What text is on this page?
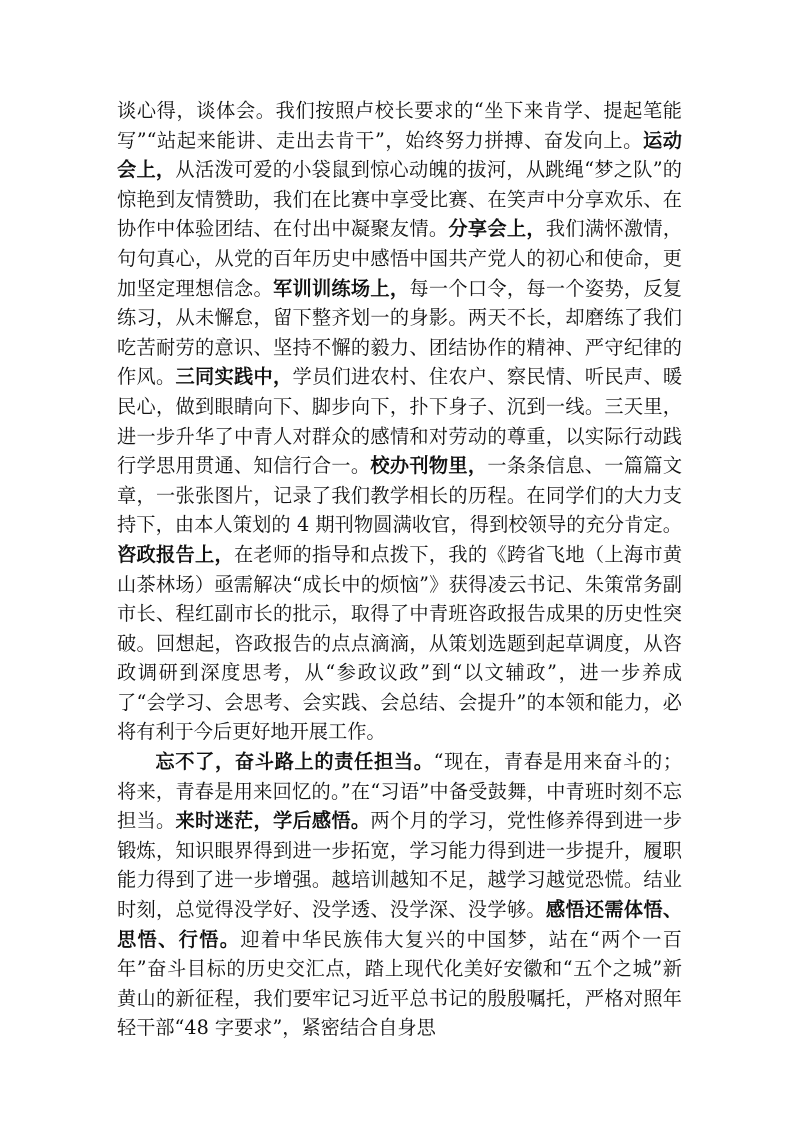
谈心得，谈体会。我们按照卢校长要求的“坐下来肯学、提起笔能写”“站起来能讲、走出去肯干”，始终努力拼搏、奋发向上。运动会上，从活泼可爱的小袋鼠到惊心动魄的拔河，从跳绳“梦之队”的惊艳到友情赞助，我们在比赛中享受比赛、在笑声中分享欢乐、在协作中体验团结、在付出中凝聚友情。分享会上，我们满怀激情，句句真心，从党的百年历史中感悟中国共产党人的初心和使命，更加坚定理想信念。军训训练场上，每一个口令，每一个姿势，反复练习，从未懈怠，留下整齐划一的身影。两天不长，却磨练了我们吃苦耐劳的意识、坚持不懈的毅力、团结协作的精神、严守纪律的作风。三同实践中，学员们进农村、住农户、察民情、听民声、暖民心，做到眼睛向下、脚步向下，扑下身子、沉到一线。三天里，进一步升华了中青人对群众的感情和对劳动的尊重，以实际行动践行学思用贯通、知信行合一。校办刊物里，一条条信息、一篇篇文章，一张张图片，记录了我们教学相长的历程。在同学们的大力支持下，由本人策划的 4 期刊物圆满收官，得到校领导的充分肯定。咨政报告上，在老师的指导和点拨下，我的《跨省飞地（上海市黄山茶林场）亟需解决“成长中的烦恼”》获得凌云书记、朱策常务副市长、程红副市长的批示，取得了中青班咨政报告成果的历史性突破。回想起，咨政报告的点点滴滴，从策划选题到起草调度，从咨政调研到深度思考，从“参政议政”到“以文辅政”，进一步养成了“会学习、会思考、会实践、会总结、会提升”的本领和能力，必将有利于今后更好地开展工作。

忘不了，奋斗路上的责任担当。“现在，青春是用来奋斗的；将来，青春是用来回忆的。”在“习语”中备受鼓舞，中青班时刻不忘担当。来时迷茫，学后感悟。两个月的学习，党性修养得到进一步锻炼，知识眼界得到进一步拓宽，学习能力得到进一步提升，履职能力得到了进一步增强。越培训越知不足，越学习越觉恐慌。结业时刻，总觉得没学好、没学透、没学深、没学够。感悟还需体悟、思悟、行悟。迎着中华民族伟大复兴的中国梦，站在“两个一百年”奋斗目标的历史交汇点，踏上现代化美好安徽和“五个之城”新黄山的新征程，我们要牢记习近平总书记的殷殷嘱托，严格对照年轻干部“48 字要求”，紧密结合自身思
